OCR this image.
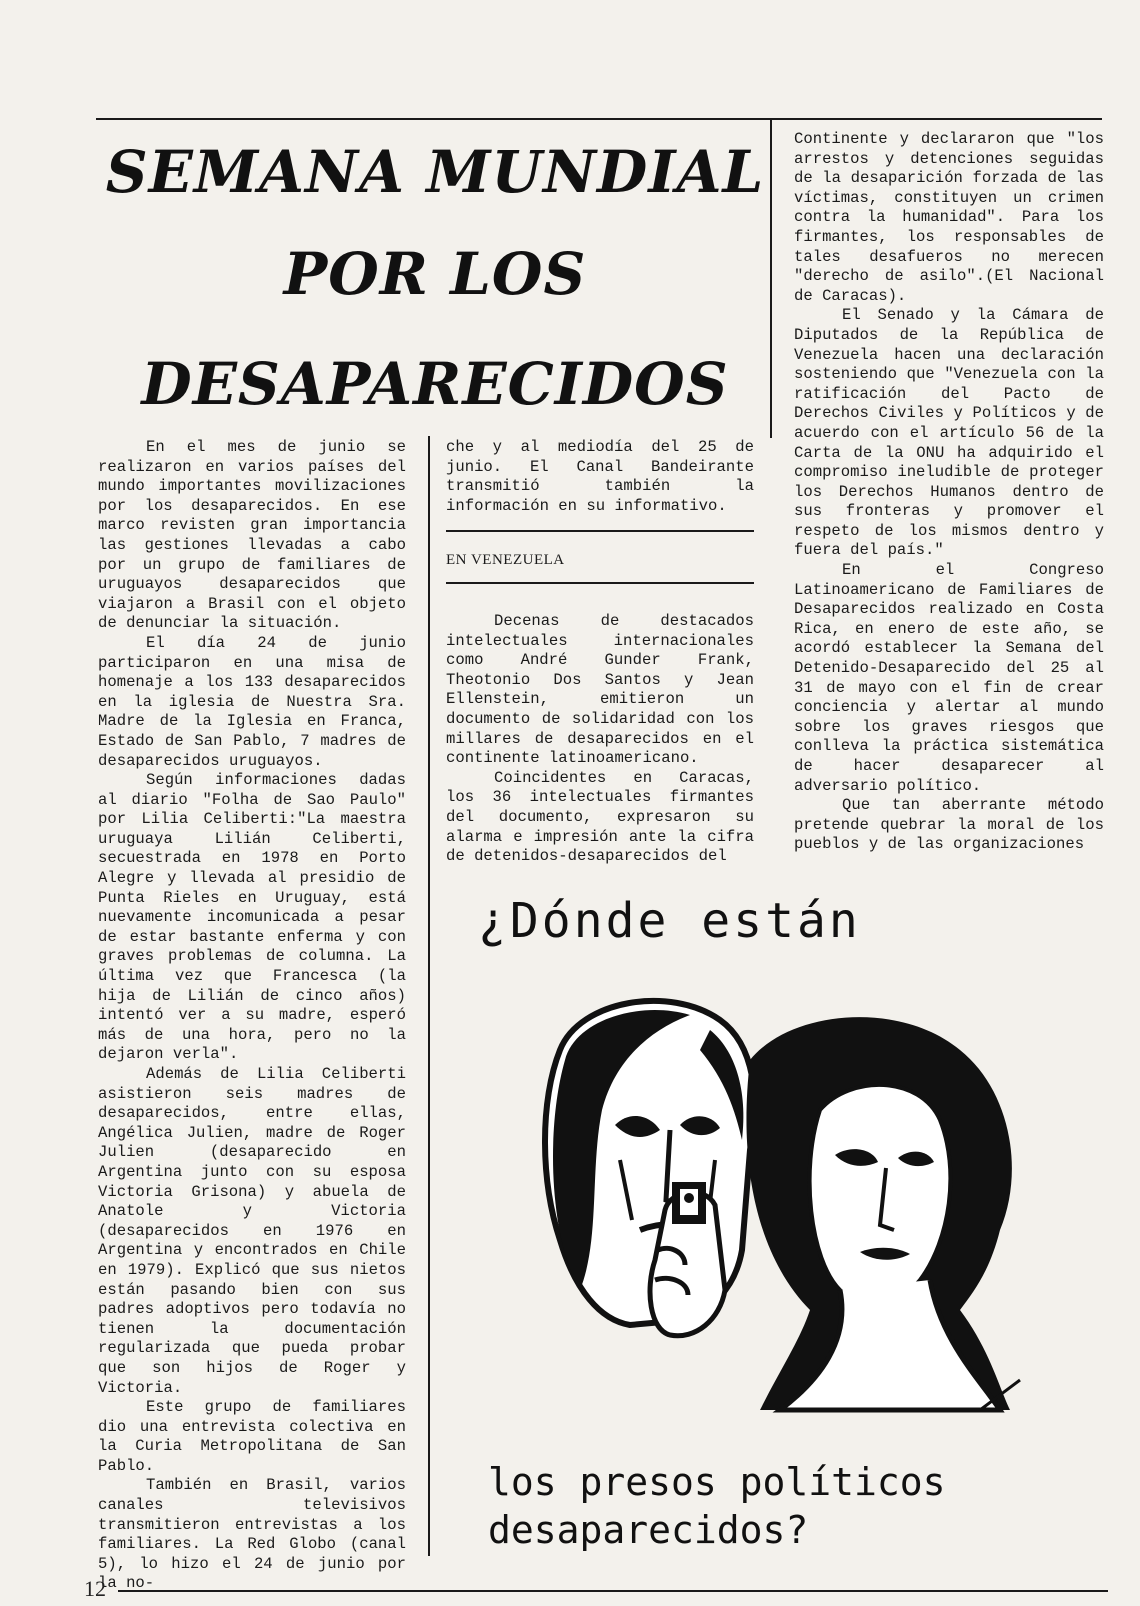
SEMANA MUNDIAL
POR LOS
DESAPARECIDOS

En el mes de junio se realizaron en varios países del mundo importantes movilizaciones por los desaparecidos. En ese marco revisten gran importancia las gestiones llevadas a cabo por un grupo de familiares de uruguayos desaparecidos que viajaron a Brasil con el objeto de denunciar la situación.

El día 24 de junio participaron en una misa de homenaje a los 133 desaparecidos en la iglesia de Nuestra Sra. Madre de la Iglesia en Franca, Estado de San Pablo, 7 madres de desaparecidos uruguayos.

Según informaciones dadas al diario "Folha de Sao Paulo" por Lilia Celiberti:"La maestra uruguaya Lilián Celiberti, secuestrada en 1978 en Porto Alegre y llevada al presidio de Punta Rieles en Uruguay, está nuevamente incomunicada a pesar de estar bastante enferma y con graves problemas de columna. La última vez que Francesca (la hija de Lilián de cinco años) intentó ver a su madre, esperó más de una hora, pero no la dejaron verla".

Además de Lilia Celiberti asistieron seis madres de desaparecidos, entre ellas, Angélica Julien, madre de Roger Julien (desaparecido en Argentina junto con su esposa Victoria Grisona) y abuela de Anatole y Victoria (desaparecidos en 1976 en Argentina y encontrados en Chile en 1979). Explicó que sus nietos están pasando bien con sus padres adoptivos pero todavía no tienen la documentación regularizada que pueda probar que son hijos de Roger y Victoria.

Este grupo de familiares dio una entrevista colectiva en la Curia Metropolitana de San Pablo.

También en Brasil, varios canales televisivos transmitieron entrevistas a los familiares. La Red Globo (canal 5), lo hizo el 24 de junio por la no-

che y al mediodía del 25 de junio. El Canal Bandeirante transmitió también la información en su informativo.

EN VENEZUELA

Decenas de destacados intelectuales internacionales como André Gunder Frank, Theotonio Dos Santos y Jean Ellenstein, emitieron un documento de solidaridad con los millares de desaparecidos en el continente latinoamericano.

Coincidentes en Caracas, los 36 intelectuales firmantes del documento, expresaron su alarma e impresión ante la cifra de detenidos-desaparecidos del

Continente y declararon que "los arrestos y detenciones seguidas de la desaparición forzada de las víctimas, constituyen un crimen contra la humanidad". Para los firmantes, los responsables de tales desafueros no merecen "derecho de asilo".(El Nacional de Caracas).

El Senado y la Cámara de Diputados de la República de Venezuela hacen una declaración sosteniendo que "Venezuela con la ratificación del Pacto de Derechos Civiles y Políticos y de acuerdo con el artículo 56 de la Carta de la ONU ha adquirido el compromiso ineludible de proteger los Derechos Humanos dentro de sus fronteras y promover el respeto de los mismos dentro y fuera del país."

En el Congreso Latinoamericano de Familiares de Desaparecidos realizado en Costa Rica, en enero de este año, se acordó establecer la Semana del Detenido-Desaparecido del 25 al 31 de mayo con el fin de crear conciencia y alertar al mundo sobre los graves riesgos que conlleva la práctica sistemática de hacer desaparecer al adversario político.

Que tan aberrante método pretende quebrar la moral de los pueblos y de las organizaciones

¿Dónde están
los presos políticos
desaparecidos?
12
